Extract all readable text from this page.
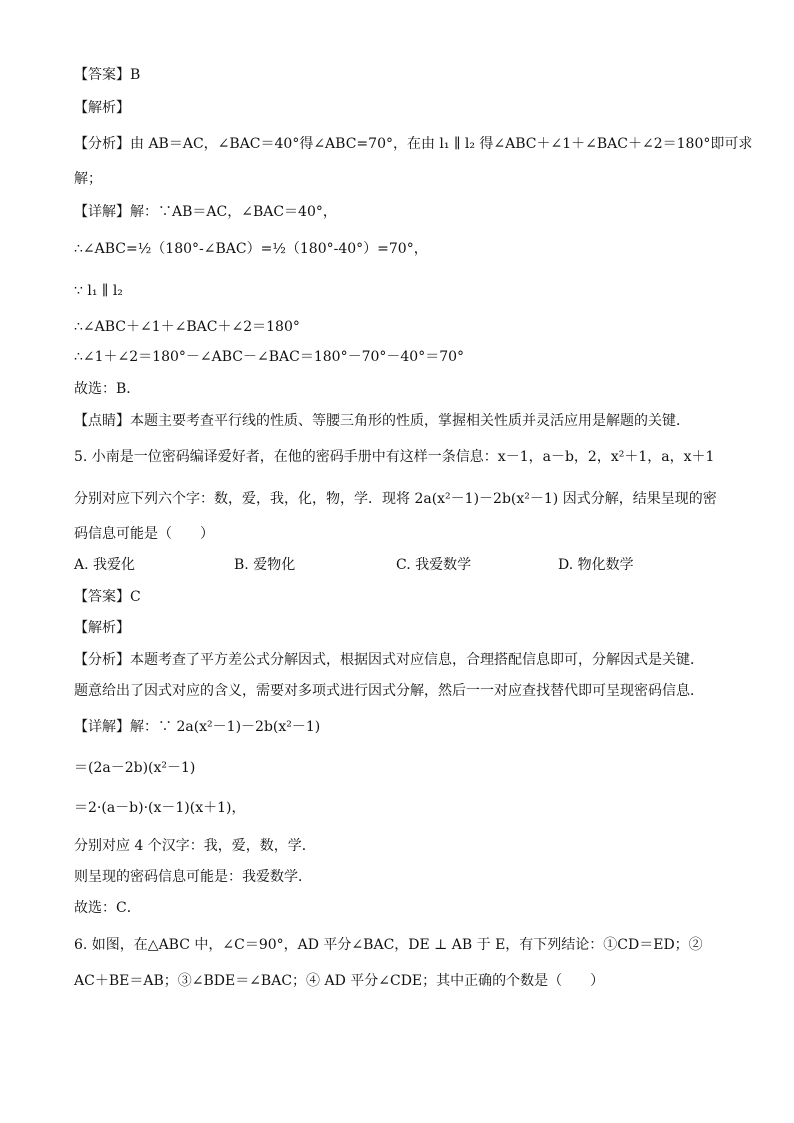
【答案】B
【解析】
【分析】由 AB＝AC，∠BAC＝40°得∠ABC=70°，在由 l₁ ∥ l₂ 得∠ABC＋∠1＋∠BAC＋∠2＝180°即可求
解；
【详解】解：∵AB＝AC，∠BAC＝40°，
∴∠ABC=½（180°-∠BAC）=½（180°-40°）=70°，
∵ l₁ ∥ l₂
∴∠ABC＋∠1＋∠BAC＋∠2＝180°
∴∠1＋∠2＝180°－∠ABC－∠BAC＝180°－70°－40°＝70°
故选：B．
【点睛】本题主要考查平行线的性质、等腰三角形的性质，掌握相关性质并灵活应用是解题的关键．
5. 小南是一位密码编译爱好者，在他的密码手册中有这样一条信息：x－1，a－b，2，x²＋1，a，x＋1
分别对应下列六个字：数，爱，我，化，物，学．现将 2a(x²－1)－2b(x²－1) 因式分解，结果呈现的密
码信息可能是（　　）
A. 我爱化	B. 爱物化	C. 我爱数学	D. 物化数学
【答案】C
【解析】
【分析】本题考查了平方差公式分解因式，根据因式对应信息，合理搭配信息即可，分解因式是关键．
题意给出了因式对应的含义，需要对多项式进行因式分解，然后一一对应查找替代即可呈现密码信息．
【详解】解：∵ 2a(x²－1)－2b(x²－1)
＝(2a－2b)(x²－1)
＝2·(a－b)·(x－1)(x＋1)，
分别对应 4 个汉字：我，爱，数，学．
则呈现的密码信息可能是：我爱数学．
故选：C．
6. 如图，在△ABC 中，∠C＝90°，AD 平分∠BAC，DE ⊥ AB 于 E，有下列结论：①CD＝ED；②
AC＋BE＝AB；③∠BDE＝∠BAC；④ AD 平分∠CDE；其中正确的个数是（　　）
